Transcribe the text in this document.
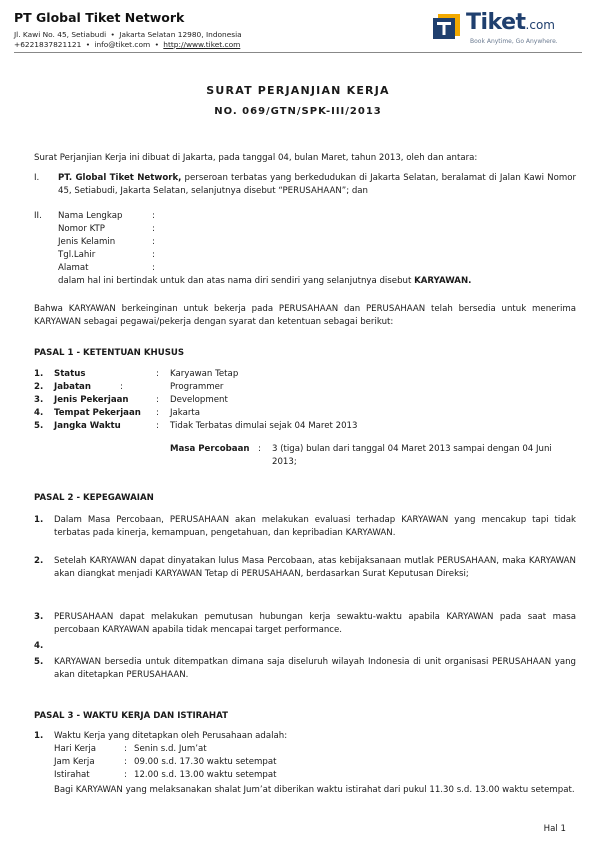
PT Global Tiket Network
Jl. Kawi No. 45, Setiabudi • Jakarta Selatan 12980, Indonesia
+6221837821121 • info@tiket.com • http://www.tiket.com
Tiket.com
Book Anytime, Go Anywhere.
SURAT PERJANJIAN KERJA
NO. 069/GTN/SPK-III/2013
Surat Perjanjian Kerja ini dibuat di Jakarta, pada tanggal 04, bulan Maret, tahun 2013, oleh dan antara:
I. PT. Global Tiket Network, perseroan terbatas yang berkedudukan di Jakarta Selatan, beralamat di Jalan Kawi Nomor 45, Setiabudi, Jakarta Selatan, selanjutnya disebut “PERUSAHAAN”; dan
II. Nama Lengkap	:
Nomor KTP	:
Jenis Kelamin	:
Tgl.Lahir	:
Alamat	:
dalam hal ini bertindak untuk dan atas nama diri sendiri yang selanjutnya disebut KARYAWAN.
Bahwa KARYAWAN berkeinginan untuk bekerja pada PERUSAHAAN dan PERUSAHAAN telah bersedia untuk menerima KARYAWAN sebagai pegawai/pekerja dengan syarat dan ketentuan sebagai berikut:
PASAL 1 - KETENTUAN KHUSUS
1. Status	: Karyawan Tetap
2. Jabatan	:	Programmer
3. Jenis Pekerjaan	: Development
4. Tempat Pekerjaan : Jakarta
5. Jangka Waktu	: Tidak Terbatas dimulai sejak 04 Maret 2013
Masa Percobaan : 3 (tiga) bulan dari tanggal 04 Maret 2013 sampai dengan 04 Juni 2013;
PASAL 2 - KEPEGAWAIAN
1. Dalam Masa Percobaan, PERUSAHAAN akan melakukan evaluasi terhadap KARYAWAN yang mencakup tapi tidak terbatas pada kinerja, kemampuan, pengetahuan, dan kepribadian KARYAWAN.
2. Setelah KARYAWAN dapat dinyatakan lulus Masa Percobaan, atas kebijaksanaan mutlak PERUSAHAAN, maka KARYAWAN akan diangkat menjadi KARYAWAN Tetap di PERUSAHAAN, berdasarkan Surat Keputusan Direksi;
3. PERUSAHAAN dapat melakukan pemutusan hubungan kerja sewaktu-waktu apabila KARYAWAN pada saat masa percobaan KARYAWAN apabila tidak mencapai target performance.
4.
5. KARYAWAN bersedia untuk ditempatkan dimana saja diseluruh wilayah Indonesia di unit organisasi PERUSAHAAN yang akan ditetapkan PERUSAHAAN.
PASAL 3 - WAKTU KERJA DAN ISTIRAHAT
1. Waktu Kerja yang ditetapkan oleh Perusahaan adalah:
Hari Kerja	: Senin s.d. Jum’at
Jam Kerja	: 09.00 s.d. 17.30 waktu setempat
Istirahat	: 12.00 s.d. 13.00 waktu setempat
Bagi KARYAWAN yang melaksanakan shalat Jum’at diberikan waktu istirahat dari pukul 11.30 s.d. 13.00 waktu setempat.
Hal 1
